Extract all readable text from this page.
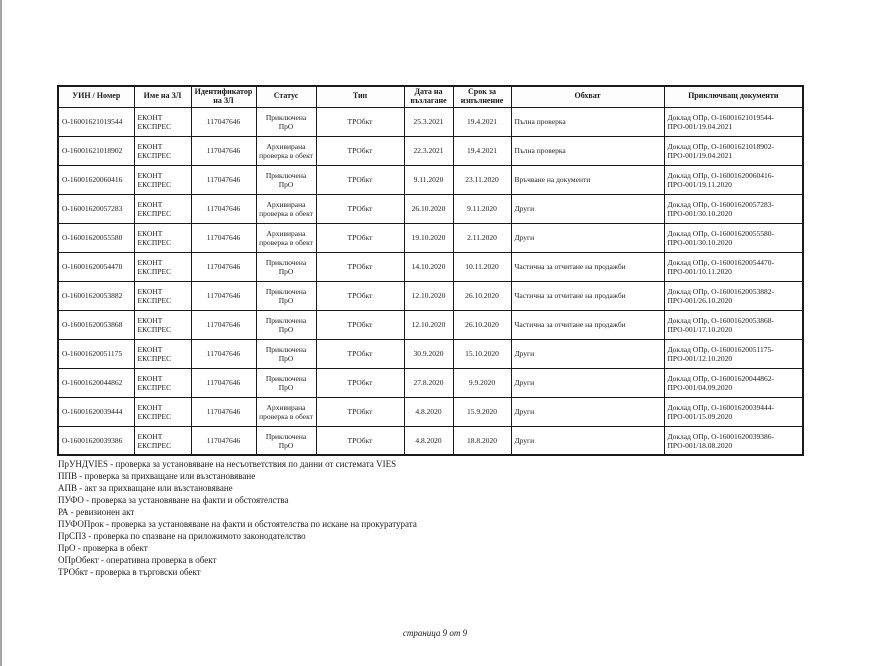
УИН / Номер	Име на ЗЛ	Идентификатор на ЗЛ	Статус	Тип	Дата на възлагане	Срок за изпълнение	Обхват	Приключващ документи
O-16001621019544	ЕКОНТ ЕКСПРЕС	117047646	Приключена ПрО	ТРОбкт	25.3.2021	19.4.2021	Пълна проверка	Доклад ОПр, О-16001621019544-ПРО-001/19.04.2021
O-16001621018902	ЕКОНТ ЕКСПРЕС	117047646	Архивирана проверка в обект	ТРОбкт	22.3.2021	19.4.2021	Пълна проверка	Доклад ОПр, О-16001621018902-ПРО-001/19.04.2021
O-16001620060416	ЕКОНТ ЕКСПРЕС	117047646	Приключена ПрО	ТРОбкт	9.11.2020	23.11.2020	Връчване на документи	Доклад ОПр, О-16001620060416-ПРО-001/19.11.2020
O-16001620057283	ЕКОНТ ЕКСПРЕС	117047646	Архивирана проверка в обект	ТРОбкт	26.10.2020	9.11.2020	Други	Доклад ОПр, О-16001620057283-ПРО-001/30.10.2020
O-16001620055580	ЕКОНТ ЕКСПРЕС	117047646	Архивирана проверка в обект	ТРОбкт	19.10.2020	2.11.2020	Други	Доклад ОПр, О-16001620055580-ПРО-001/30.10.2020
O-16001620054470	ЕКОНТ ЕКСПРЕС	117047646	Приключена ПрО	ТРОбкт	14.10.2020	10.11.2020	Частична за отчитане на продажби	Доклад ОПр, О-16001620054470-ПРО-001/10.11.2020
O-16001620053882	ЕКОНТ ЕКСПРЕС	117047646	Приключена ПрО	ТРОбкт	12.10.2020	26.10.2020	Частична за отчитане на продажби	Доклад ОПр, О-16001620053882-ПРО-001/26.10.2020
O-16001620053868	ЕКОНТ ЕКСПРЕС	117047646	Приключена ПрО	ТРОбкт	12.10.2020	26.10.2020	Частична за отчитане на продажби	Доклад ОПр, О-16001620053868-ПРО-001/17.10.2020
O-16001620051175	ЕКОНТ ЕКСПРЕС	117047646	Приключена ПрО	ТРОбкт	30.9.2020	15.10.2020	Други	Доклад ОПр, О-16001620051175-ПРО-001/12.10.2020
O-16001620044862	ЕКОНТ ЕКСПРЕС	117047646	Приключена ПрО	ТРОбкт	27.8.2020	9.9.2020	Други	Доклад ОПр, О-16001620044862-ПРО-001/04.09.2020
O-16001620039444	ЕКОНТ ЕКСПРЕС	117047646	Архивирана проверка в обект	ТРОбкт	4.8.2020	15.9.2020	Други	Доклад ОПр, О-16001620039444-ПРО-001/15.09.2020
O-16001620039386	ЕКОНТ ЕКСПРЕС	117047646	Приключена ПрО	ТРОбкт	4.8.2020	18.8.2020	Други	Доклад ОПр, О-16001620039386-ПРО-001/18.08.2020
ПрУНДVIES - проверка за установяване на несъответствия по данни от системата VIES
ППВ - проверка за прихващане или възстановяване
АПВ - акт за прихващане или възстановяване
ПУФО - проверка за установяване на факти и обстоятелства
РА - ревизионен акт
ПУФОПрок - проверка за установяване на факти и обстоятелства по искане на прокуратурата
ПрСПЗ - проверка по спазване на приложимото законодателство
ПрО - проверка в обект
ОПрОбект - оперативна проверка в обект
ТРОбкт - проверка в търговски обект
страница 9 от 9
